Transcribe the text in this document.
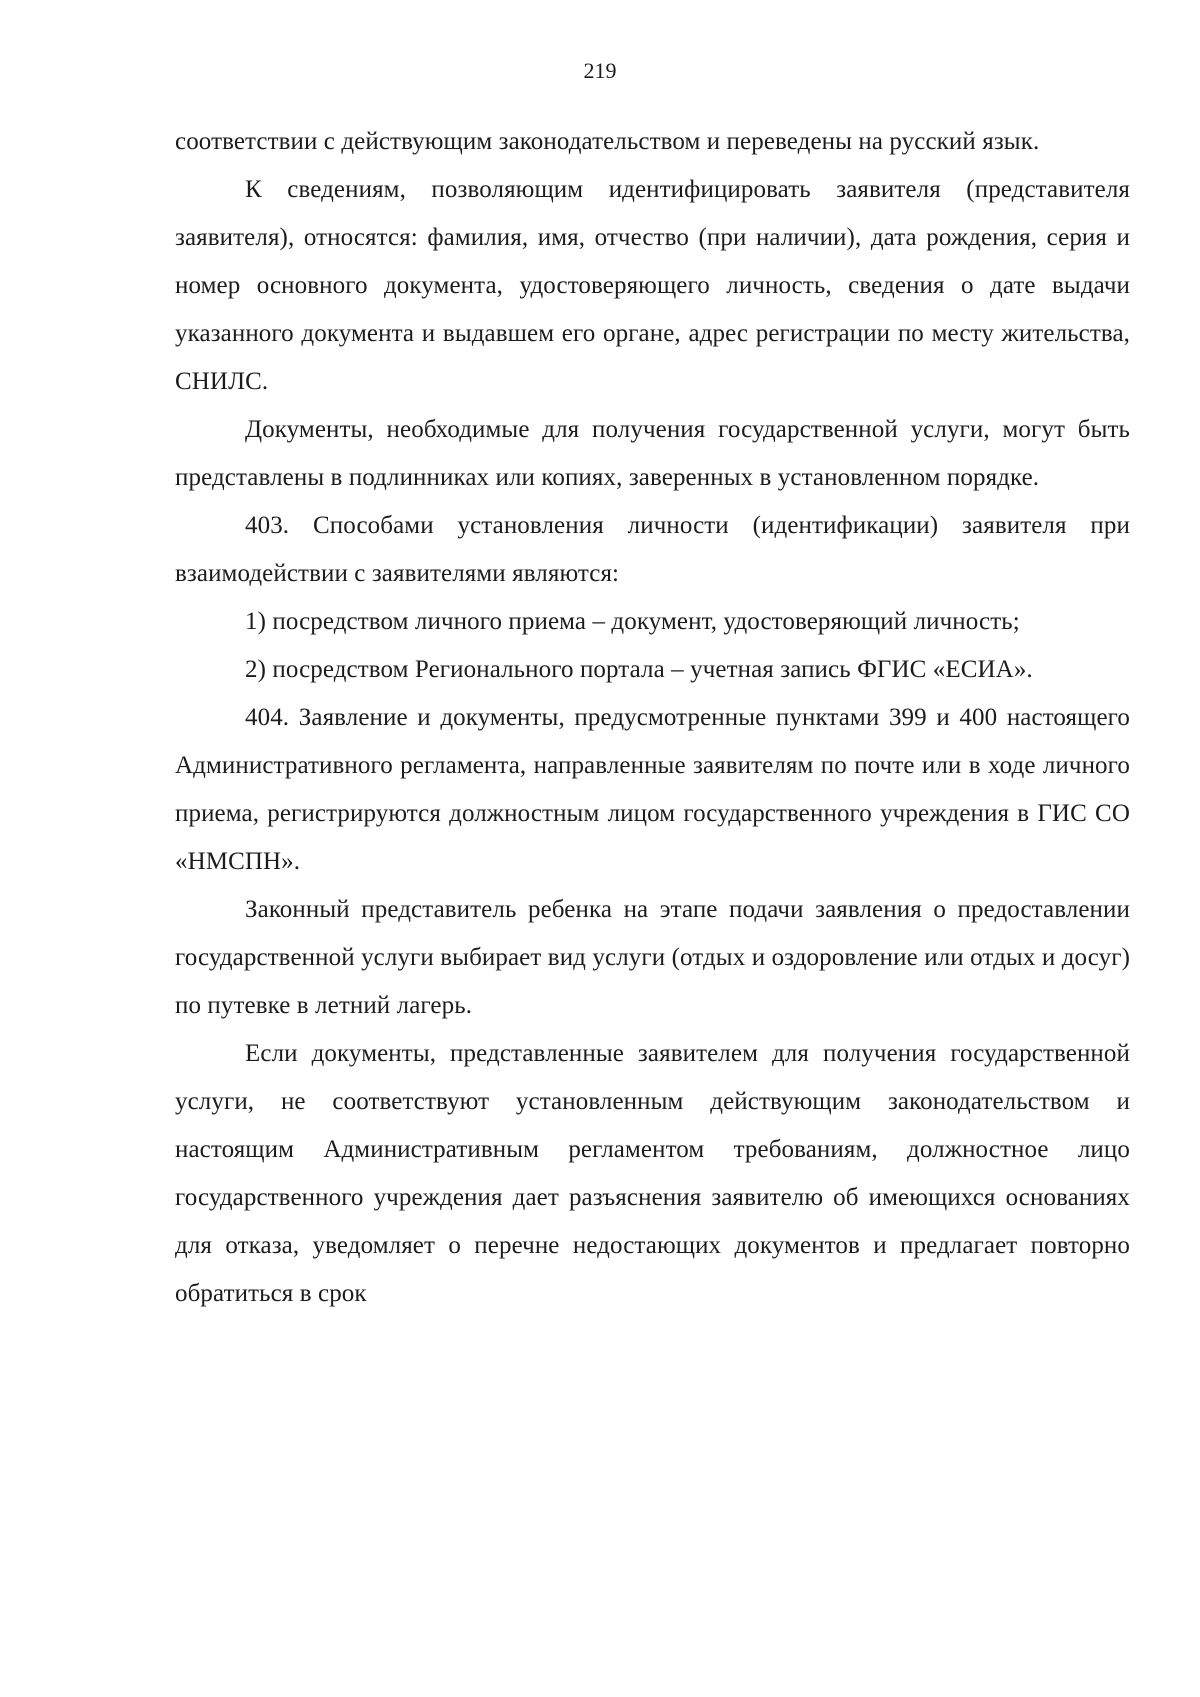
219

соответствии с действующим законодательством и переведены на русский язык.

К сведениям, позволяющим идентифицировать заявителя (представителя заявителя), относятся: фамилия, имя, отчество (при наличии), дата рождения, серия и номер основного документа, удостоверяющего личность, сведения о дате выдачи указанного документа и выдавшем его органе, адрес регистрации по месту жительства, СНИЛС.

Документы, необходимые для получения государственной услуги, могут быть представлены в подлинниках или копиях, заверенных в установленном порядке.

403. Способами установления личности (идентификации) заявителя при взаимодействии с заявителями являются:

1) посредством личного приема – документ, удостоверяющий личность;

2) посредством Регионального портала – учетная запись ФГИС «ЕСИА».

404. Заявление и документы, предусмотренные пунктами 399 и 400 настоящего Административного регламента, направленные заявителям по почте или в ходе личного приема, регистрируются должностным лицом государственного учреждения в ГИС СО «НМСПН».

Законный представитель ребенка на этапе подачи заявления о предоставлении государственной услуги выбирает вид услуги (отдых и оздоровление или отдых и досуг) по путевке в летний лагерь.

Если документы, представленные заявителем для получения государственной услуги, не соответствуют установленным действующим законодательством и настоящим Административным регламентом требованиям, должностное лицо государственного учреждения дает разъяснения заявителю об имеющихся основаниях для отказа, уведомляет о перечне недостающих документов и предлагает повторно обратиться в срок
